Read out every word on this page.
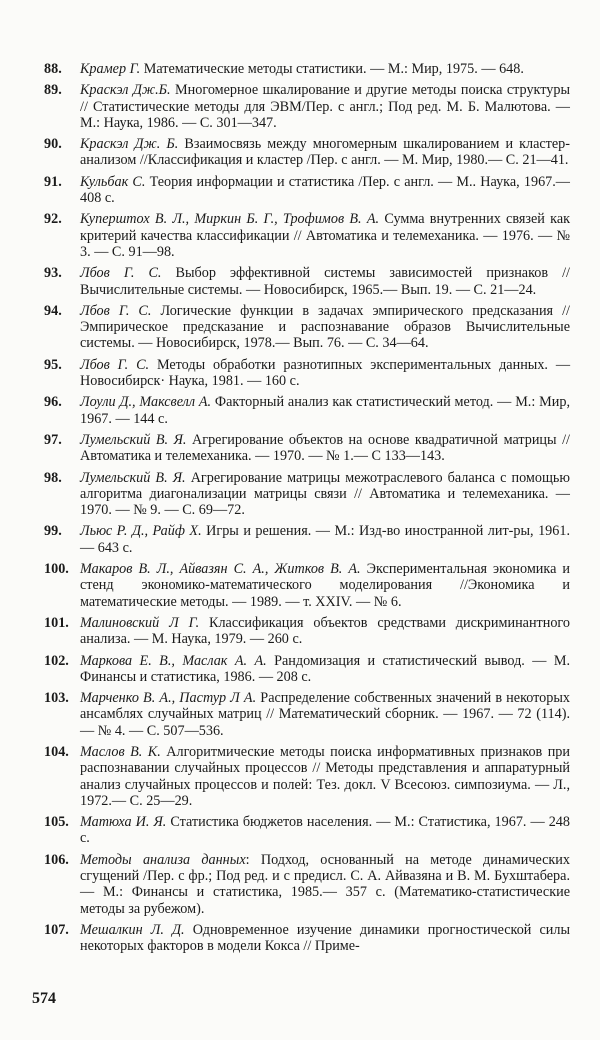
88. Крамер Г. Математические методы статистики. — М.: Мир, 1975. — 648.
89. Краскэл Дж.Б. Многомерное шкалирование и другие методы поиска структуры // Статистические методы для ЭВМ/Пер. с англ.; Под ред. М. Б. Малютова. — М.: Наука, 1986. — С. 301—347.
90. Краскэл Дж. Б. Взаимосвязь между многомерным шкалированием и кластер-анализом //Классификация и кластер /Пер. с англ. — М. Мир, 1980.— С. 21—41.
91. Кульбак С. Теория информации и статистика /Пер. с англ. — М.. Наука, 1967.—408 с.
92. Куперштох В. Л., Миркин Б. Г., Трофимов В. А. Сумма внутренних связей как критерий качества классификации // Автоматика и телемеханика. — 1976. — № 3. — С. 91—98.
93. Лбов Г. С. Выбор эффективной системы зависимостей признаков // Вычислительные системы. — Новосибирск, 1965.— Вып. 19. — С. 21—24.
94. Лбов Г. С. Логические функции в задачах эмпирического предсказания // Эмпирическое предсказание и распознавание образов Вычислительные системы. — Новосибирск, 1978.— Вып. 76. — С. 34—64.
95. Лбов Г. С. Методы обработки разнотипных экспериментальных данных. — Новосибирск· Наука, 1981. — 160 с.
96. Лоули Д., Максвелл А. Факторный анализ как статистический метод. — М.: Мир, 1967. — 144 с.
97. Лумельский В. Я. Агрегирование объектов на основе квадратичной матрицы // Автоматика и телемеханика. — 1970. — № 1.— С 133—143.
98. Лумельский В. Я. Агрегирование матрицы межотраслевого баланса с помощью алгоритма диагонализации матрицы связи // Автоматика и телемеханика. — 1970. — № 9. — С. 69—72.
99. Льюс Р. Д., Райф Х. Игры и решения. — М.: Изд-во иностранной лит-ры, 1961. — 643 с.
100. Макаров В. Л., Айвазян С. А., Житков В. А. Экспериментальная экономика и стенд экономико-математического моделирования //Экономика и математические методы. — 1989. — т. XXIV. — № 6.
101. Малиновский Л Г. Классификация объектов средствами дискриминантного анализа. — М. Наука, 1979. — 260 с.
102. Маркова Е. В., Маслак А. А. Рандомизация и статистический вывод. — М. Финансы и статистика, 1986. — 208 с.
103. Марченко В. А., Пастур Л А. Распределение собственных значений в некоторых ансамблях случайных матриц // Математический сборник. — 1967. — 72 (114). — № 4. — С. 507—536.
104. Маслов В. К. Алгоритмические методы поиска информативных признаков при распознавании случайных процессов // Методы представления и аппаратурный анализ случайных процессов и полей: Тез. докл. V Всесоюз. симпозиума. — Л., 1972.— С. 25—29.
105. Матюха И. Я. Статистика бюджетов населения. — М.: Статистика, 1967. — 248 с.
106. Методы анализа данных: Подход, основанный на методе динамических сгущений /Пер. с фр.; Под ред. и с предисл. С. А. Айвазяна и В. М. Бухштабера. — М.: Финансы и статистика, 1985.— 357 с. (Математико-статистические методы за рубежом).
107. Мешалкин Л. Д. Одновременное изучение динамики прогностической силы некоторых факторов в модели Кокса // Приме-
574
